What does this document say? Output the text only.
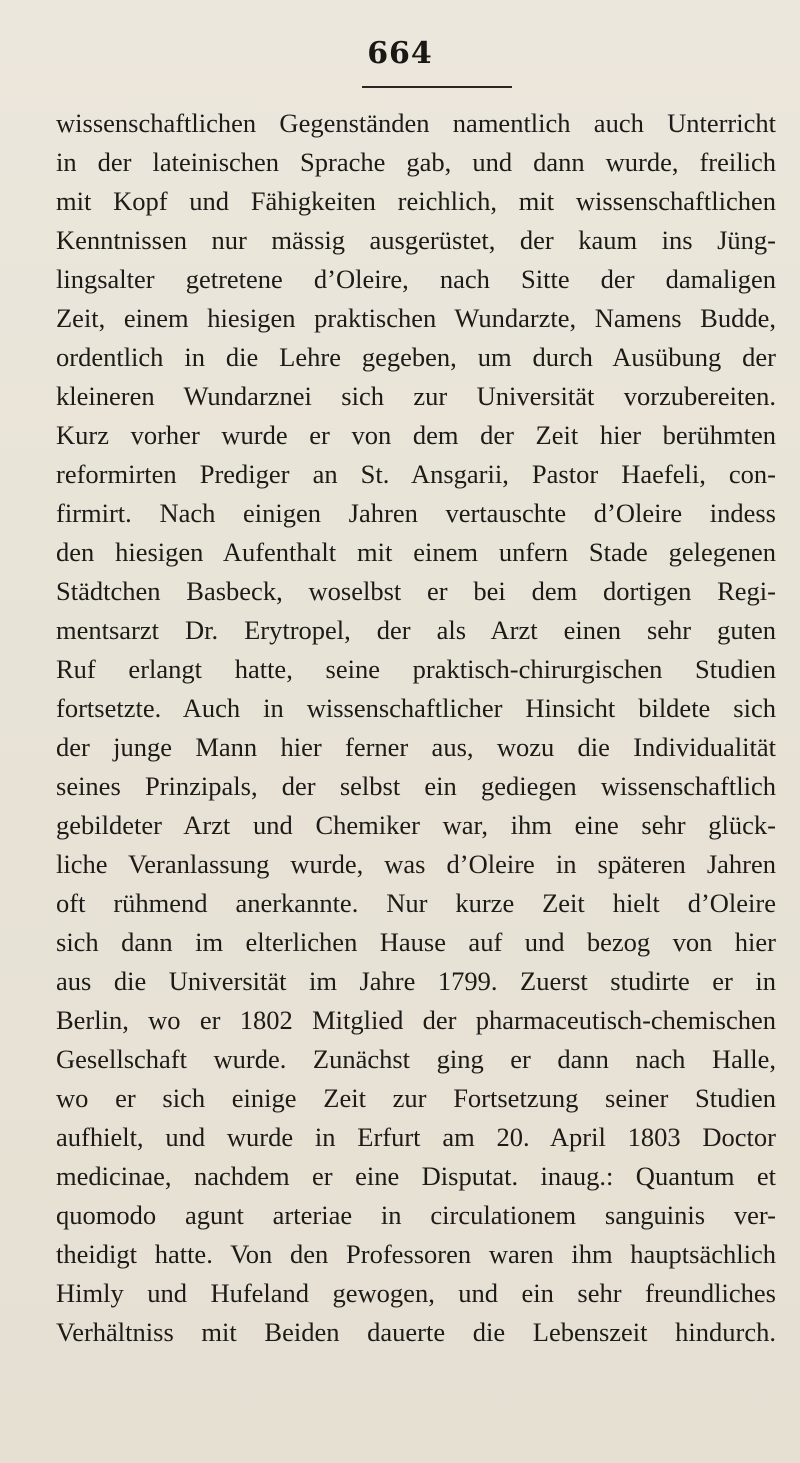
664
wissenschaftlichen Gegenständen namentlich auch Unterricht
in der lateinischen Sprache gab, und dann wurde, freilich
mit Kopf und Fähigkeiten reichlich, mit wissenschaftlichen
Kenntnissen nur mässig ausgerüstet, der kaum ins Jüng-
lingsalter getretene d’Oleire, nach Sitte der damaligen
Zeit, einem hiesigen praktischen Wundarzte, Namens Budde,
ordentlich in die Lehre gegeben, um durch Ausübung der
kleineren Wundarznei sich zur Universität vorzubereiten.
Kurz vorher wurde er von dem der Zeit hier berühmten
reformirten Prediger an St. Ansgarii, Pastor Haefeli, con-
firmirt. Nach einigen Jahren vertauschte d’Oleire indess
den hiesigen Aufenthalt mit einem unfern Stade gelegenen
Städtchen Basbeck, woselbst er bei dem dortigen Regi-
mentsarzt Dr. Erytropel, der als Arzt einen sehr guten
Ruf erlangt hatte, seine praktisch-chirurgischen Studien
fortsetzte. Auch in wissenschaftlicher Hinsicht bildete sich
der junge Mann hier ferner aus, wozu die Individualität
seines Prinzipals, der selbst ein gediegen wissenschaftlich
gebildeter Arzt und Chemiker war, ihm eine sehr glück-
liche Veranlassung wurde, was d’Oleire in späteren Jahren
oft rühmend anerkannte. Nur kurze Zeit hielt d’Oleire
sich dann im elterlichen Hause auf und bezog von hier
aus die Universität im Jahre 1799. Zuerst studirte er in
Berlin, wo er 1802 Mitglied der pharmaceutisch-chemischen
Gesellschaft wurde. Zunächst ging er dann nach Halle,
wo er sich einige Zeit zur Fortsetzung seiner Studien
aufhielt, und wurde in Erfurt am 20. April 1803 Doctor
medicinae, nachdem er eine Disputat. inaug.: Quantum et
quomodo agunt arteriae in circulationem sanguinis ver-
theidigt hatte. Von den Professoren waren ihm hauptsächlich
Himly und Hufeland gewogen, und ein sehr freundliches
Verhältniss mit Beiden dauerte die Lebenszeit hindurch.
